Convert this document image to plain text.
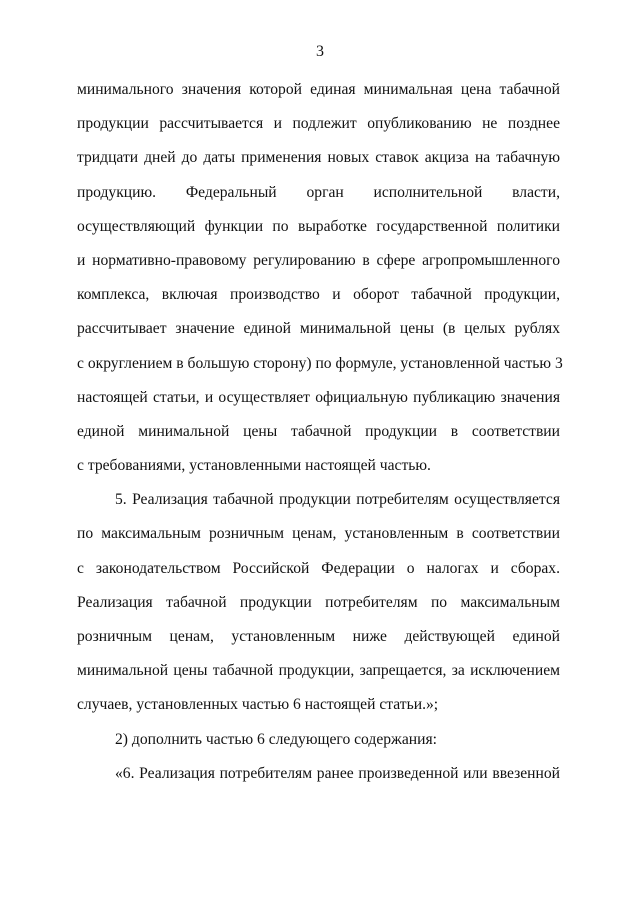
3
минимального значения которой единая минимальная цена табачной
продукции рассчитывается и подлежит опубликованию не позднее
тридцати дней до даты применения новых ставок акциза на табачную
продукцию. Федеральный орган исполнительной власти,
осуществляющий функции по выработке государственной политики
и нормативно-правовому регулированию в сфере агропромышленного
комплекса, включая производство и оборот табачной продукции,
рассчитывает значение единой минимальной цены (в целых рублях
с округлением в большую сторону) по формуле, установленной частью 3
настоящей статьи, и осуществляет официальную публикацию значения
единой минимальной цены табачной продукции в соответствии
с требованиями, установленными настоящей частью.
5. Реализация табачной продукции потребителям осуществляется
по максимальным розничным ценам, установленным в соответствии
с законодательством Российской Федерации о налогах и сборах.
Реализация табачной продукции потребителям по максимальным
розничным ценам, установленным ниже действующей единой
минимальной цены табачной продукции, запрещается, за исключением
случаев, установленных частью 6 настоящей статьи.»;
2) дополнить частью 6 следующего содержания:
«6. Реализация потребителям ранее произведенной или ввезенной
